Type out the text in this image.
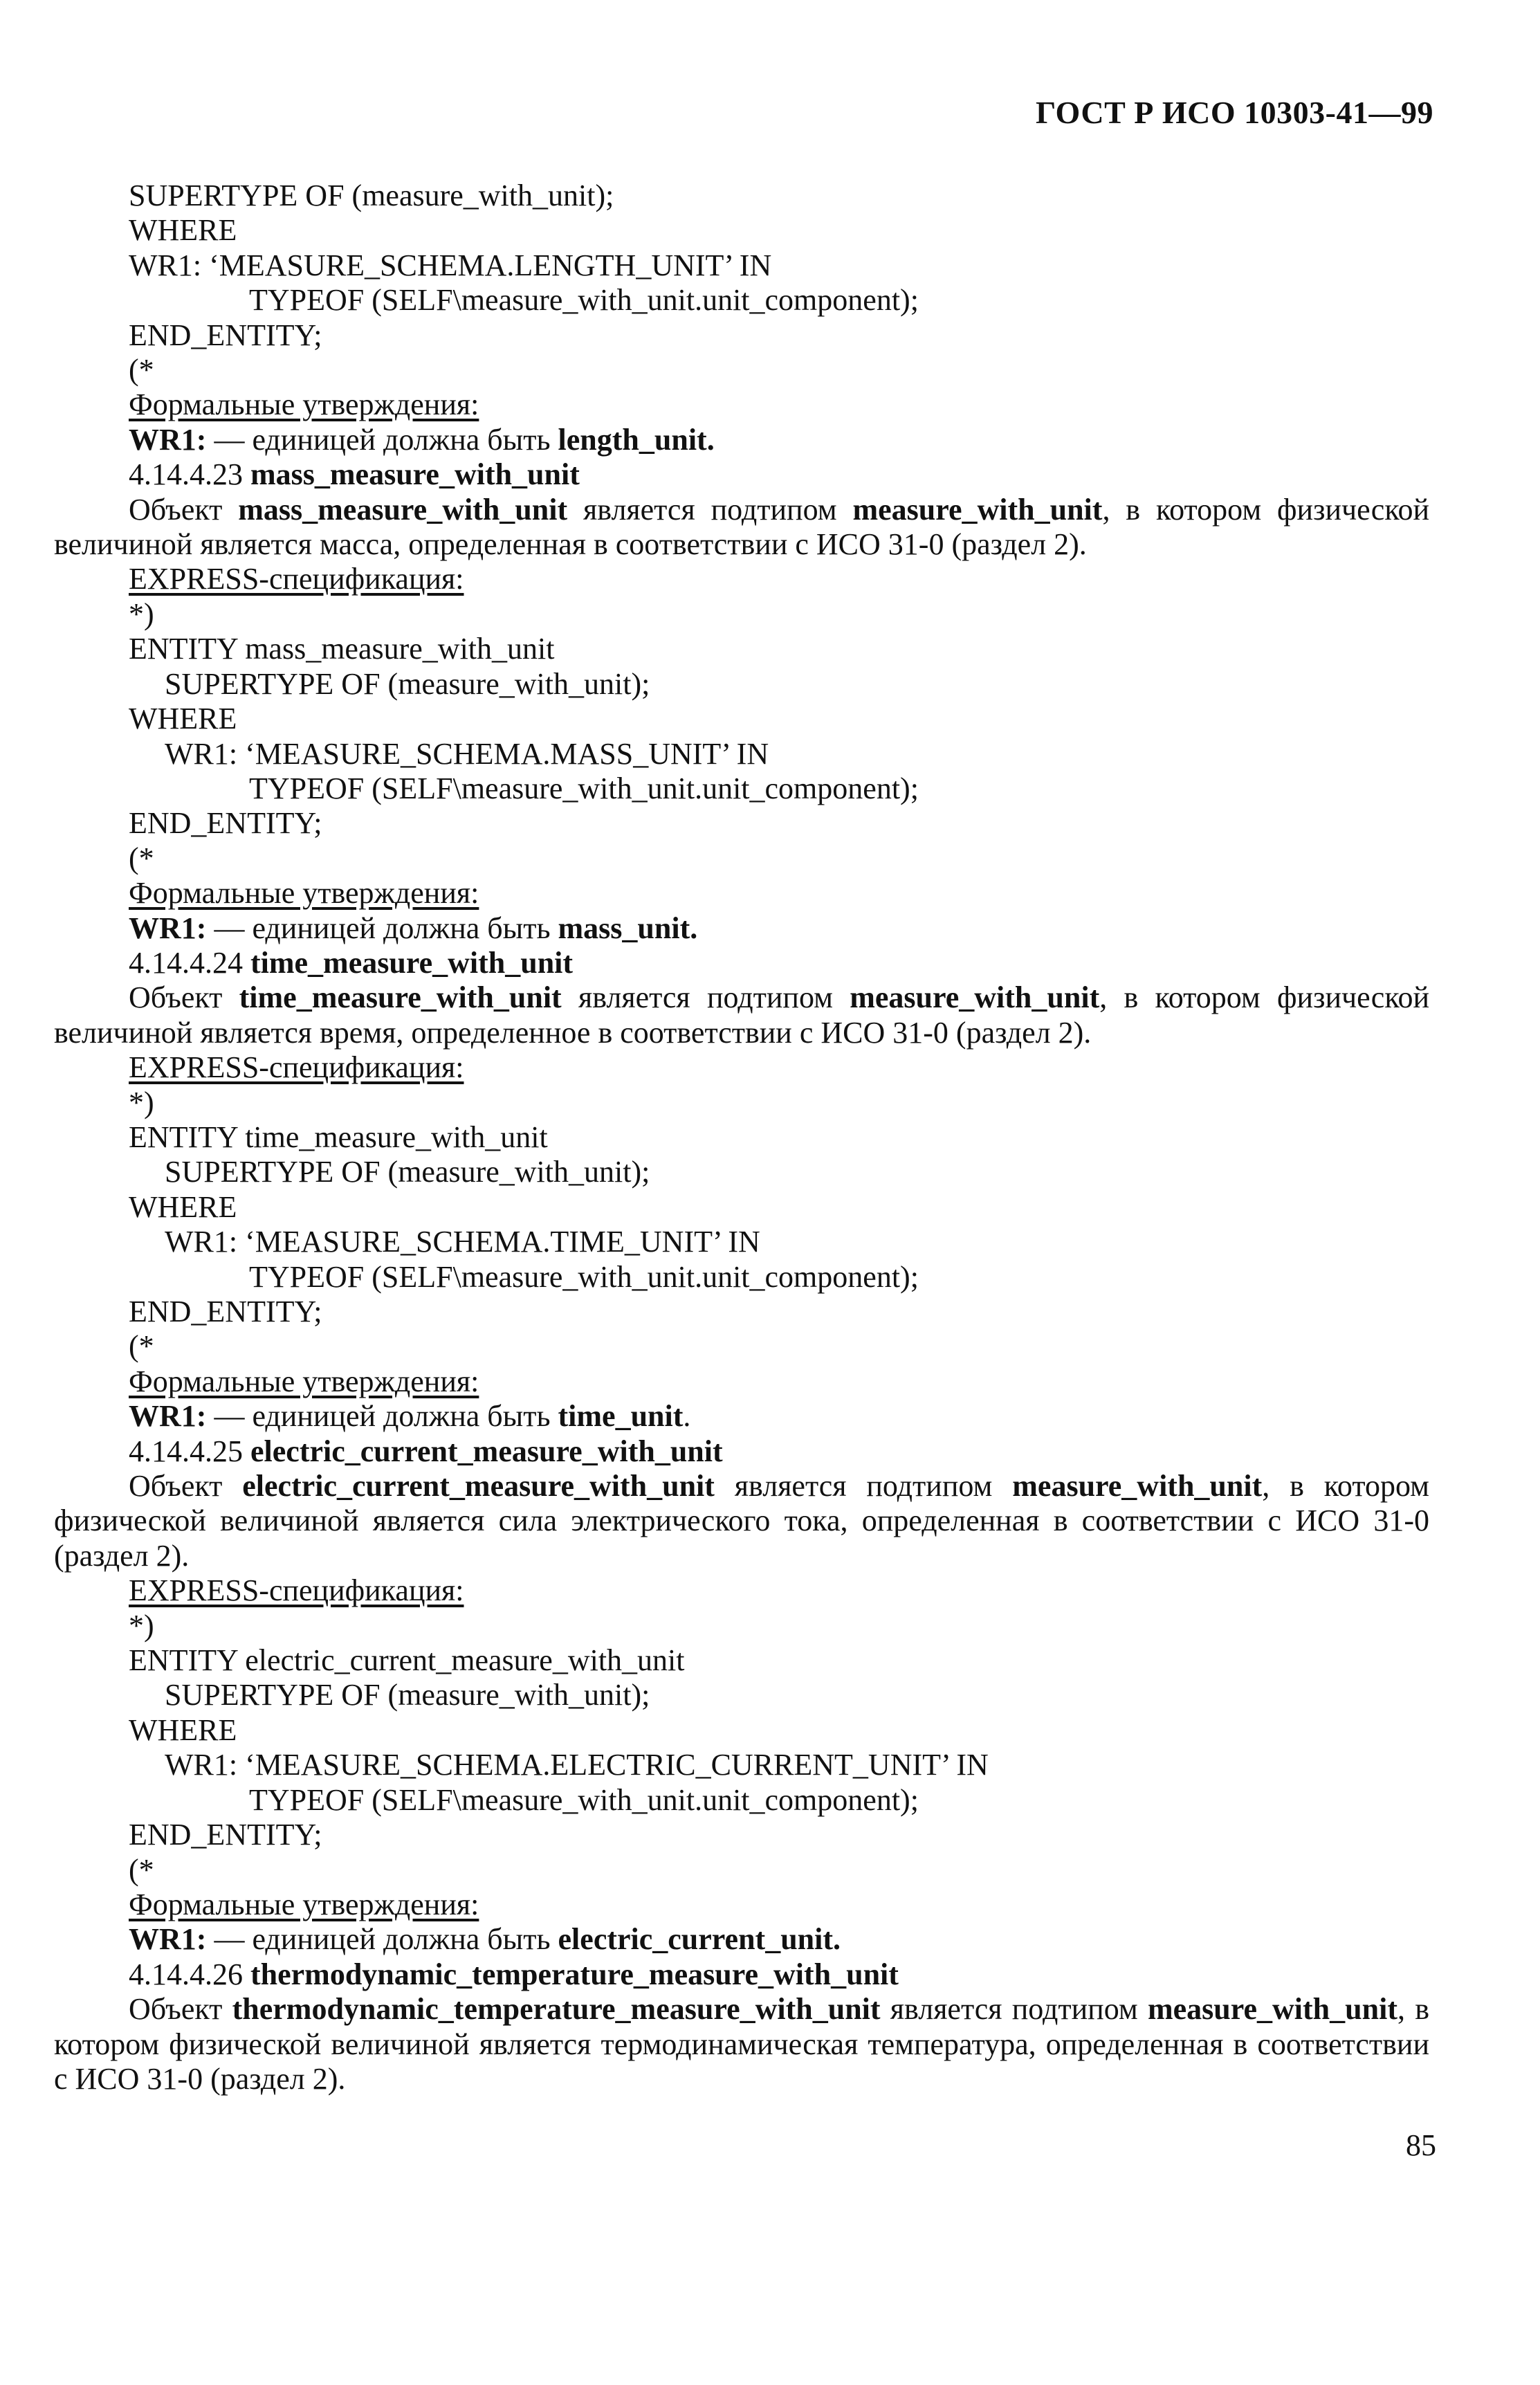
ГОСТ Р ИСО 10303-41—99
SUPERTYPE OF (measure_with_unit);
WHERE
WR1: ‘MEASURE_SCHEMA.LENGTH_UNIT’ IN
TYPEOF (SELF\measure_with_unit.unit_component);
END_ENTITY;
(*
Формальные утверждения:
WR1: — единицей должна быть length_unit.
4.14.4.23 mass_measure_with_unit
Объект mass_measure_with_unit является подтипом measure_with_unit, в котором физической величиной является масса, определенная в соответствии с ИСО 31-0 (раздел 2).
EXPRESS-спецификация:
*)
ENTITY mass_measure_with_unit
SUPERTYPE OF (measure_with_unit);
WHERE
WR1: ‘MEASURE_SCHEMA.MASS_UNIT’ IN
TYPEOF (SELF\measure_with_unit.unit_component);
END_ENTITY;
(*
Формальные утверждения:
WR1: — единицей должна быть mass_unit.
4.14.4.24 time_measure_with_unit
Объект time_measure_with_unit является подтипом measure_with_unit, в котором физической величиной является время, определенное в соответствии с ИСО 31-0 (раздел 2).
EXPRESS-спецификация:
*)
ENTITY time_measure_with_unit
SUPERTYPE OF (measure_with_unit);
WHERE
WR1: ‘MEASURE_SCHEMA.TIME_UNIT’ IN
TYPEOF (SELF\measure_with_unit.unit_component);
END_ENTITY;
(*
Формальные утверждения:
WR1: — единицей должна быть time_unit.
4.14.4.25 electric_current_measure_with_unit
Объект electric_current_measure_with_unit является подтипом measure_with_unit, в котором физической величиной является сила электрического тока, определенная в соответствии с ИСО 31-0 (раздел 2).
EXPRESS-спецификация:
*)
ENTITY electric_current_measure_with_unit
SUPERTYPE OF (measure_with_unit);
WHERE
WR1: ‘MEASURE_SCHEMA.ELECTRIC_CURRENT_UNIT’ IN
TYPEOF (SELF\measure_with_unit.unit_component);
END_ENTITY;
(*
Формальные утверждения:
WR1: — единицей должна быть electric_current_unit.
4.14.4.26 thermodynamic_temperature_measure_with_unit
Объект thermodynamic_temperature_measure_with_unit является подтипом measure_with_unit, в котором физической величиной является термодинамическая температура, определенная в соответствии с ИСО 31-0 (раздел 2).
85
